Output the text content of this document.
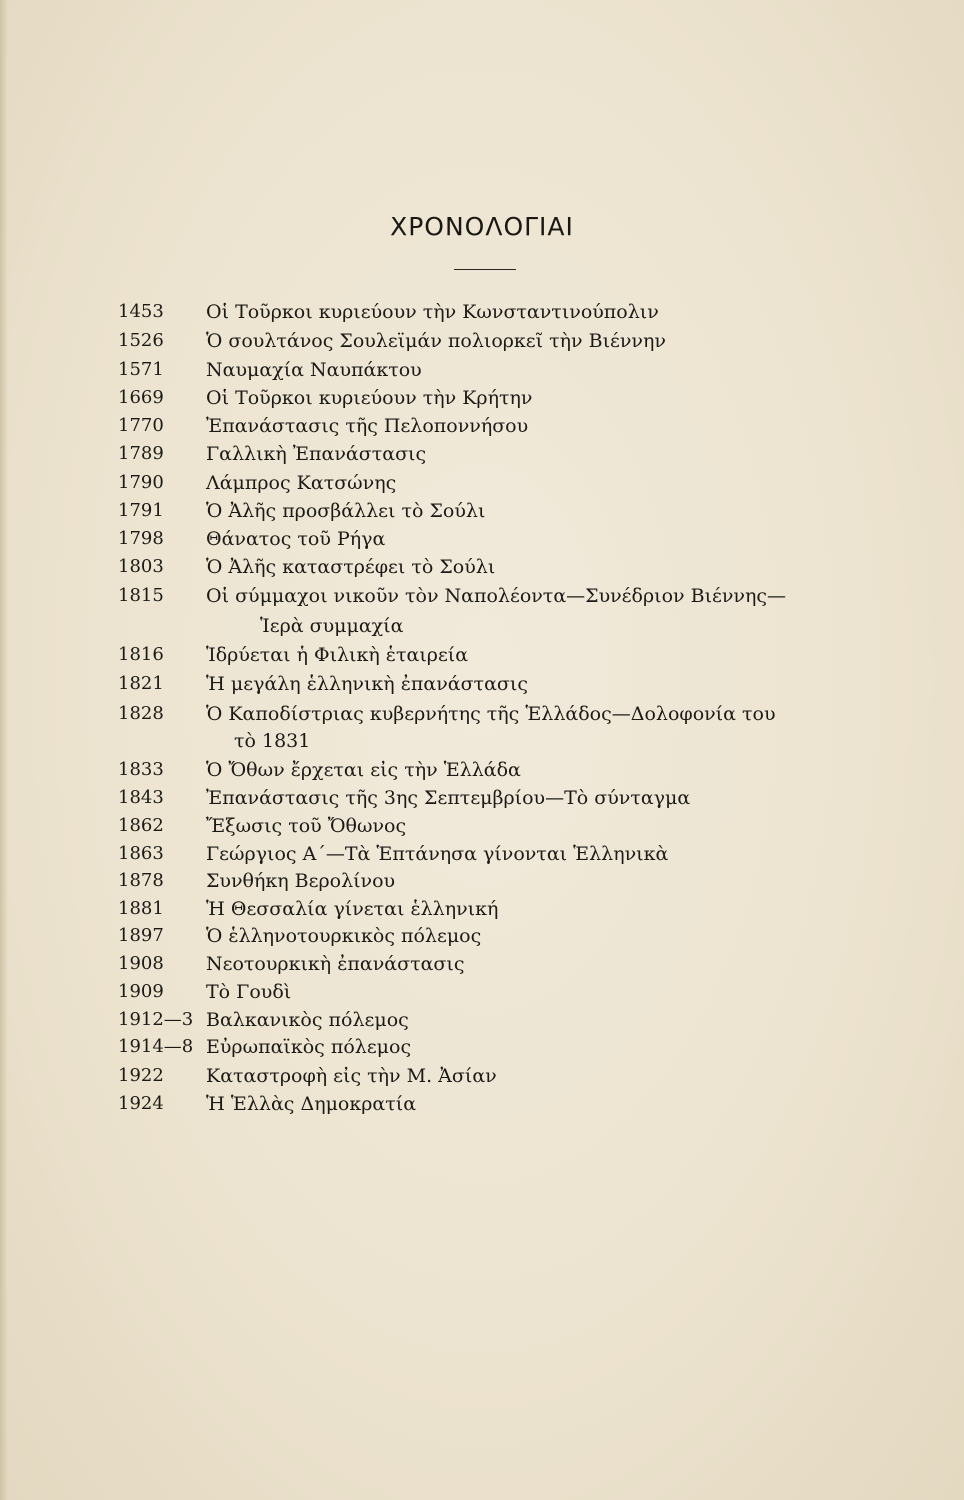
ΧΡΟΝΟΛΟΓΙΑΙ
1453 Οἱ Τοῦρκοι κυριεύουν τὴν Κωνσταντινούπολιν
1526 Ὁ σουλτάνος Σουλεϊμάν πολιορκεῖ τὴν Βιέννην
1571 Ναυμαχία Ναυπάκτου
1669 Οἱ Τοῦρκοι κυριεύουν τὴν Κρήτην
1770 Ἐπανάστασις τῆς Πελοποννήσου
1789 Γαλλικὴ Ἐπανάστασις
1790 Λάμπρος Κατσώνης
1791 Ὁ Ἀλῆς προσβάλλει τὸ Σούλι
1798 Θάνατος τοῦ Ρήγα
1803 Ὁ Ἀλῆς καταστρέφει τὸ Σούλι
1815 Οἱ σύμμαχοι νικοῦν τὸν Ναπολέοντα—Συνέδριον Βιέννης—
Ἱερὰ συμμαχία
1816 Ἱδρύεται ἡ Φιλικὴ ἑταιρεία
1821 Ἡ μεγάλη ἑλληνικὴ ἐπανάστασις
1828 Ὁ Καποδίστριας κυβερνήτης τῆς Ἑλλάδος—Δολοφονία του
τὸ 1831
1833 Ὁ Ὄθων ἔρχεται εἰς τὴν Ἑλλάδα
1843 Ἐπανάστασις τῆς 3ης Σεπτεμβρίου—Τὸ σύνταγμα
1862 Ἔξωσις τοῦ Ὄθωνος
1863 Γεώργιος Α΄—Τὰ Ἑπτάνησα γίνονται Ἑλληνικὰ
1878 Συνθήκη Βερολίνου
1881 Ἡ Θεσσαλία γίνεται ἑλληνική
1897 Ὁ ἑλληνοτουρκικὸς πόλεμος
1908 Νεοτουρκικὴ ἐπανάστασις
1909 Τὸ Γουδὶ
1912—3 Βαλκανικὸς πόλεμος
1914—8 Εὐρωπαϊκὸς πόλεμος
1922 Καταστροφὴ εἰς τὴν Μ. Ἀσίαν
1924 Ἡ Ἑλλὰς Δημοκρατία
